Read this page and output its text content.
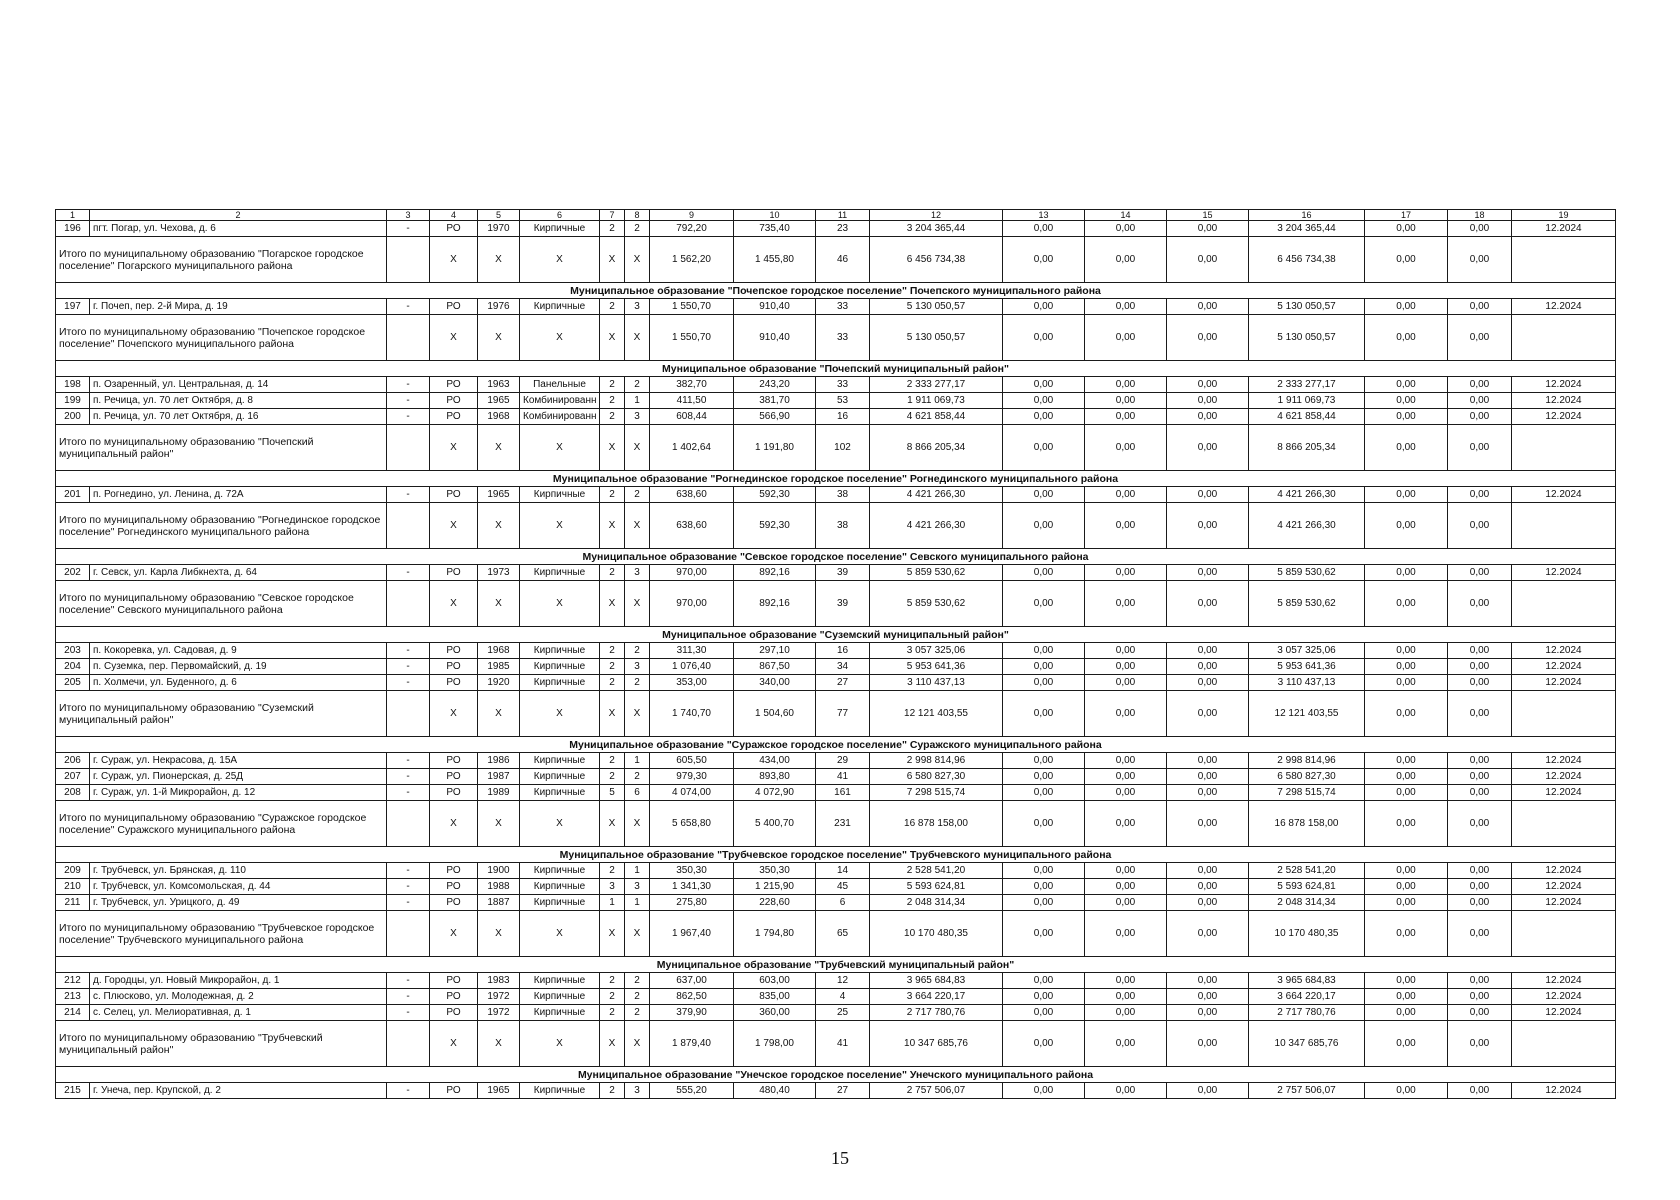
1	2	3	4	5	6	7	8	9	10	11	12	13	14	15	16	17	18	19
196	пгт. Погар, ул. Чехова, д. 6	-	РО	1970	Кирпичные	2	2	792,20	735,40	23	3 204 365,44	0,00	0,00	0,00	3 204 365,44	0,00	0,00	12.2024
Итого по муниципальному образованию "Погарское городское поселение" Погарского муниципального района			X	X	X	X	X	1 562,20	1 455,80	46	6 456 734,38	0,00	0,00	0,00	6 456 734,38	0,00	0,00	
Муниципальное образование "Почепское городское поселение" Почепского муниципального района																		
197	г. Почеп, пер. 2-й Мира, д. 19	-	РО	1976	Кирпичные	2	3	1 550,70	910,40	33	5 130 050,57	0,00	0,00	0,00	5 130 050,57	0,00	0,00	12.2024
Итого по муниципальному образованию "Почепское городское поселение" Почепского муниципального района			X	X	X	X	X	1 550,70	910,40	33	5 130 050,57	0,00	0,00	0,00	5 130 050,57	0,00	0,00	
Муниципальное образование "Почепский муниципальный район"																		
198	п. Озаренный, ул. Центральная, д. 14	-	РО	1963	Панельные	2	2	382,70	243,20	33	2 333 277,17	0,00	0,00	0,00	2 333 277,17	0,00	0,00	12.2024
199	п. Речица, ул. 70 лет Октября, д. 8	-	РО	1965	Комбинированн	2	1	411,50	381,70	53	1 911 069,73	0,00	0,00	0,00	1 911 069,73	0,00	0,00	12.2024
200	п. Речица, ул. 70 лет Октября, д. 16	-	РО	1968	Комбинированн	2	3	608,44	566,90	16	4 621 858,44	0,00	0,00	0,00	4 621 858,44	0,00	0,00	12.2024
Итого по муниципальному образованию "Почепский муниципальный район"			X	X	X	X	X	1 402,64	1 191,80	102	8 866 205,34	0,00	0,00	0,00	8 866 205,34	0,00	0,00	
Муниципальное образование "Рогнединское городское поселение" Рогнединского муниципального района																		
201	п. Рогнедино, ул. Ленина, д. 72А	-	РО	1965	Кирпичные	2	2	638,60	592,30	38	4 421 266,30	0,00	0,00	0,00	4 421 266,30	0,00	0,00	12.2024
Итого по муниципальному образованию "Рогнединское городское поселение" Рогнединского муниципального района			X	X	X	X	X	638,60	592,30	38	4 421 266,30	0,00	0,00	0,00	4 421 266,30	0,00	0,00	
Муниципальное образование "Севское городское поселение" Севского муниципального района																		
202	г. Севск, ул. Карла Либкнехта, д. 64	-	РО	1973	Кирпичные	2	3	970,00	892,16	39	5 859 530,62	0,00	0,00	0,00	5 859 530,62	0,00	0,00	12.2024
Итого по муниципальному образованию "Севское городское поселение" Севского муниципального района			X	X	X	X	X	970,00	892,16	39	5 859 530,62	0,00	0,00	0,00	5 859 530,62	0,00	0,00	
Муниципальное образование "Суземский муниципальный район"																		
203	п. Кокоревка, ул. Садовая, д. 9	-	РО	1968	Кирпичные	2	2	311,30	297,10	16	3 057 325,06	0,00	0,00	0,00	3 057 325,06	0,00	0,00	12.2024
204	п. Суземка, пер. Первомайский, д. 19	-	РО	1985	Кирпичные	2	3	1 076,40	867,50	34	5 953 641,36	0,00	0,00	0,00	5 953 641,36	0,00	0,00	12.2024
205	п. Холмечи, ул. Буденного, д. 6	-	РО	1920	Кирпичные	2	2	353,00	340,00	27	3 110 437,13	0,00	0,00	0,00	3 110 437,13	0,00	0,00	12.2024
Итого по муниципальному образованию "Суземский муниципальный район"			X	X	X	X	X	1 740,70	1 504,60	77	12 121 403,55	0,00	0,00	0,00	12 121 403,55	0,00	0,00	
Муниципальное образование "Суражское городское поселение" Суражского муниципального района																		
206	г. Сураж, ул. Некрасова, д. 15А	-	РО	1986	Кирпичные	2	1	605,50	434,00	29	2 998 814,96	0,00	0,00	0,00	2 998 814,96	0,00	0,00	12.2024
207	г. Сураж, ул. Пионерская, д. 25Д	-	РО	1987	Кирпичные	2	2	979,30	893,80	41	6 580 827,30	0,00	0,00	0,00	6 580 827,30	0,00	0,00	12.2024
208	г. Сураж, ул. 1-й Микрорайон, д. 12	-	РО	1989	Кирпичные	5	6	4 074,00	4 072,90	161	7 298 515,74	0,00	0,00	0,00	7 298 515,74	0,00	0,00	12.2024
Итого по муниципальному образованию "Суражское городское поселение" Суражского муниципального района			X	X	X	X	X	5 658,80	5 400,70	231	16 878 158,00	0,00	0,00	0,00	16 878 158,00	0,00	0,00	
Муниципальное образование "Трубчевское городское поселение" Трубчевского муниципального района																		
209	г. Трубчевск, ул. Брянская, д. 110	-	РО	1900	Кирпичные	2	1	350,30	350,30	14	2 528 541,20	0,00	0,00	0,00	2 528 541,20	0,00	0,00	12.2024
210	г. Трубчевск, ул. Комсомольская, д. 44	-	РО	1988	Кирпичные	3	3	1 341,30	1 215,90	45	5 593 624,81	0,00	0,00	0,00	5 593 624,81	0,00	0,00	12.2024
211	г. Трубчевск, ул. Урицкого, д. 49	-	РО	1887	Кирпичные	1	1	275,80	228,60	6	2 048 314,34	0,00	0,00	0,00	2 048 314,34	0,00	0,00	12.2024
Итого по муниципальному образованию "Трубчевское городское поселение" Трубчевского муниципального района			X	X	X	X	X	1 967,40	1 794,80	65	10 170 480,35	0,00	0,00	0,00	10 170 480,35	0,00	0,00	
Муниципальное образование "Трубчевский муниципальный район"																		
212	д. Городцы, ул. Новый Микрорайон, д. 1	-	РО	1983	Кирпичные	2	2	637,00	603,00	12	3 965 684,83	0,00	0,00	0,00	3 965 684,83	0,00	0,00	12.2024
213	с. Плюсково, ул. Молодежная, д. 2	-	РО	1972	Кирпичные	2	2	862,50	835,00	4	3 664 220,17	0,00	0,00	0,00	3 664 220,17	0,00	0,00	12.2024
214	с. Селец, ул. Мелиоративная, д. 1	-	РО	1972	Кирпичные	2	2	379,90	360,00	25	2 717 780,76	0,00	0,00	0,00	2 717 780,76	0,00	0,00	12.2024
Итого по муниципальному образованию "Трубчевский муниципальный район"			X	X	X	X	X	1 879,40	1 798,00	41	10 347 685,76	0,00	0,00	0,00	10 347 685,76	0,00	0,00	
Муниципальное образование "Унечское городское поселение" Унечского муниципального района																		
215	г. Унеча, пер. Крупской, д. 2	-	РО	1965	Кирпичные	2	3	555,20	480,40	27	2 757 506,07	0,00	0,00	0,00	2 757 506,07	0,00	0,00	12.2024
15
